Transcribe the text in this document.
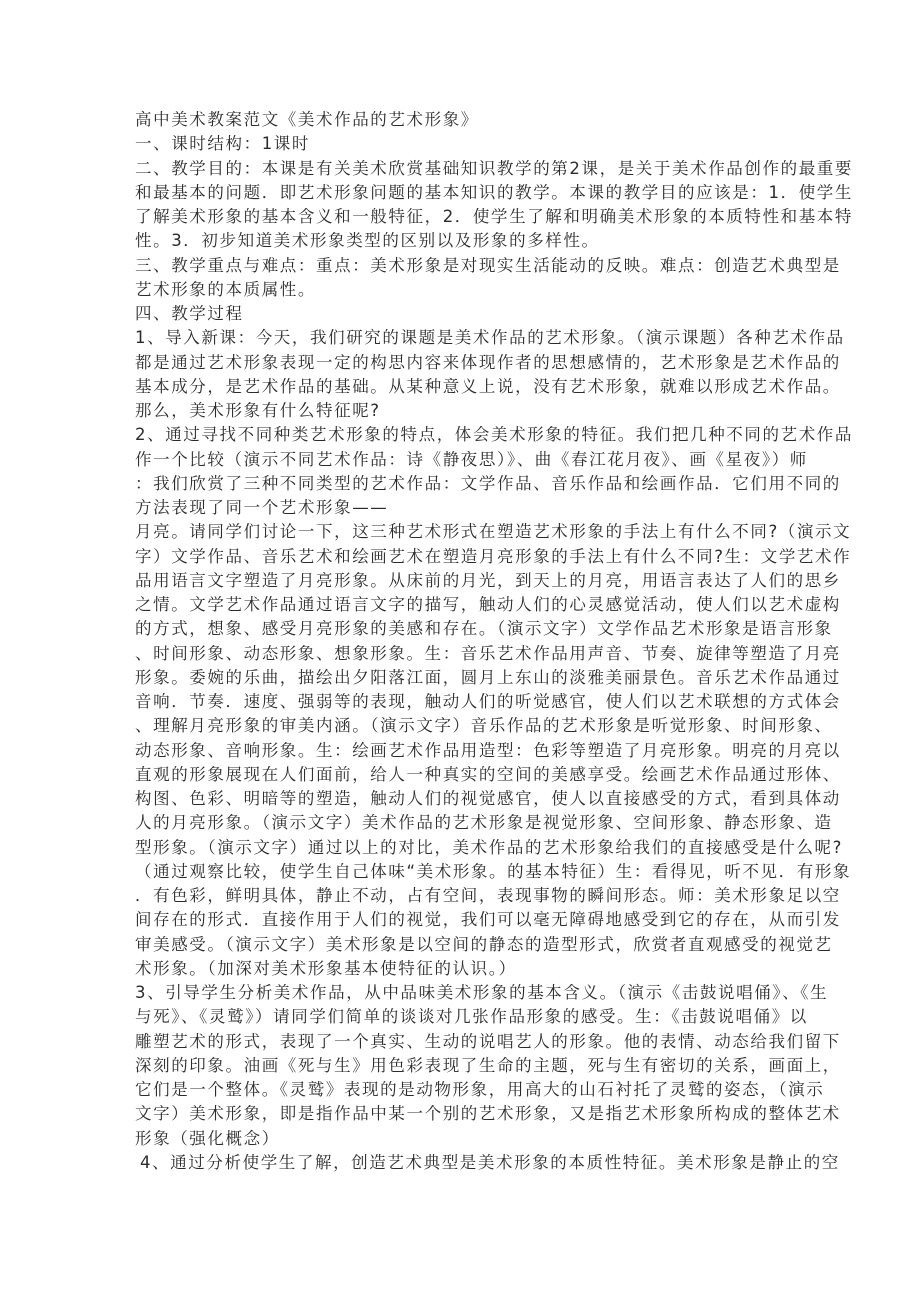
高中美术教案范文《美术作品的艺术形象》
一、课时结构：1课时
二、教学目的：本课是有关美术欣赏基础知识教学的第2课，是关于美术作品创作的最重要
和最基本的问题．即艺术形象问题的基本知识的教学。本课的教学目的应该是：1．使学生
了解美术形象的基本含义和一般特征，2．使学生了解和明确美术形象的本质特性和基本特
性。3．初步知道美术形象类型的区别以及形象的多样性。
三、教学重点与难点：重点：美术形象是对现实生活能动的反映。难点：创造艺术典型是
艺术形象的本质属性。
四、教学过程
1、导入新课：今天，我们研究的课题是美术作品的艺术形象。（演示课题）各种艺术作品
都是通过艺术形象表现一定的构思内容来体现作者的思想感情的，艺术形象是艺术作品的
基本成分，是艺术作品的基础。从某种意义上说，没有艺术形象，就难以形成艺术作品。
那么，美术形象有什么特征呢?
2、通过寻找不同种类艺术形象的特点，体会美术形象的特征。我们把几种不同的艺术作品
作一个比较（演示不同艺术作品：诗《静夜思）》、曲《春江花月夜》、画《星夜》）师
：我们欣赏了三种不同类型的艺术作品：文学作品、音乐作品和绘画作品．它们用不同的
方法表现了同一个艺术形象——
月亮。请同学们讨论一下，这三种艺术形式在塑造艺术形象的手法上有什么不同?（演示文
字）文学作品、音乐艺术和绘画艺术在塑造月亮形象的手法上有什么不同?生：文学艺术作
品用语言文字塑造了月亮形象。从床前的月光，到天上的月亮，用语言表达了人们的思乡
之情。文学艺术作品通过语言文字的描写，触动人们的心灵感觉活动，使人们以艺术虚构
的方式，想象、感受月亮形象的美感和存在。（演示文字）文学作品艺术形象是语言形象
、时间形象、动态形象、想象形象。生：音乐艺术作品用声音、节奏、旋律等塑造了月亮
形象。委婉的乐曲，描绘出夕阳落江面，圆月上东山的淡雅美丽景色。音乐艺术作品通过
音响．节奏．速度、强弱等的表现，触动人们的听觉感官，使人们以艺术联想的方式体会
、理解月亮形象的审美内涵。（演示文字）音乐作品的艺术形象是听觉形象、时间形象、
动态形象、音响形象。生：绘画艺术作品用造型：色彩等塑造了月亮形象。明亮的月亮以
直观的形象展现在人们面前，给人一种真实的空间的美感享受。绘画艺术作品通过形体、
构图、色彩、明暗等的塑造，触动人们的视觉感官，使人以直接感受的方式，看到具体动
人的月亮形象。（演示文字）美术作品的艺术形象是视觉形象、空间形象、静态形象、造
型形象。（演示文字）通过以上的对比，美术作品的艺术形象给我们的直接感受是什么呢?
（通过观察比较，使学生自己体味“美术形象。的基本特征）生：看得见，听不见．有形象
．有色彩，鲜明具体，静止不动，占有空间，表现事物的瞬间形态。师：美术形象足以空
间存在的形式．直接作用于人们的视觉，我们可以毫无障碍地感受到它的存在，从而引发
审美感受。（演示文字）美术形象是以空间的静态的造型形式，欣赏者直观感受的视觉艺
术形象。（加深对美术形象基本使特征的认识。）
3、引导学生分析美术作品，从中品味美术形象的基本含义。（演示《击鼓说唱俑》、《生
与死》、《灵鹫》）请同学们简单的谈谈对几张作品形象的感受。生：《击鼓说唱俑》以
雕塑艺术的形式，表现了一个真实、生动的说唱艺人的形象。他的表情、动态给我们留下
深刻的印象。油画《死与生》用色彩表现了生命的主题，死与生有密切的关系，画面上，
它们是一个整体。《灵鹫》表现的是动物形象，用高大的山石衬托了灵鹫的姿态，（演示
文字）美术形象，即是指作品中某一个别的艺术形象，又是指艺术形象所构成的整体艺术
形象（强化概念）
4、通过分析使学生了解，创造艺术典型是美术形象的本质性特征。美术形象是静止的空
